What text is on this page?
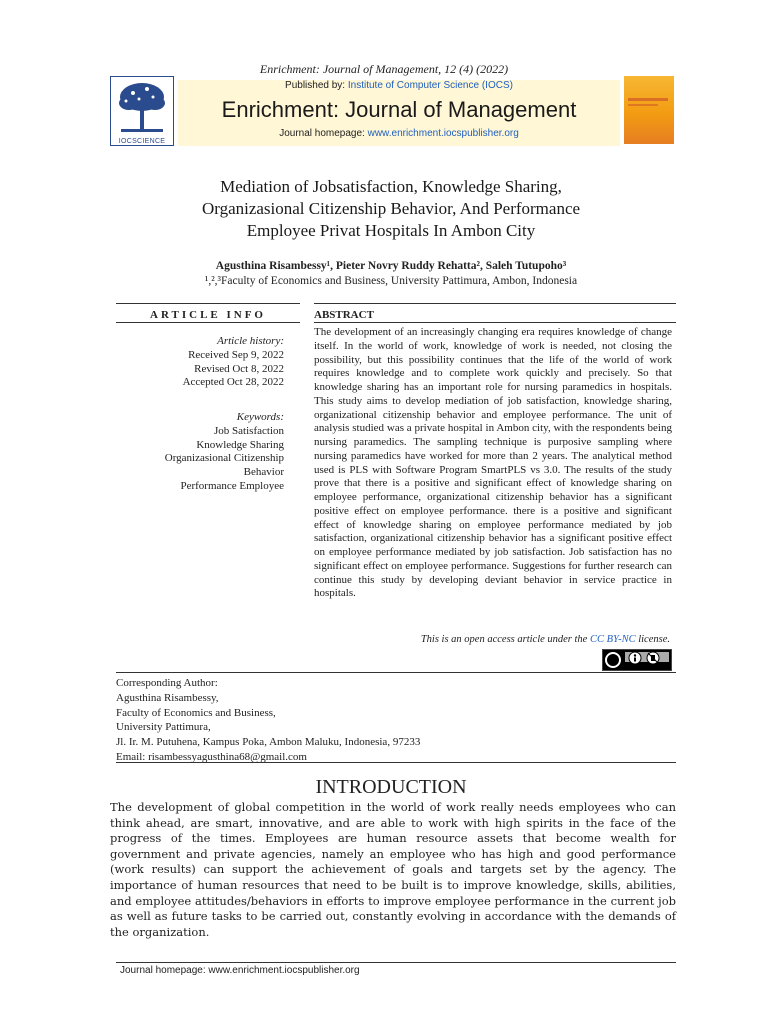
Enrichment: Journal of Management, 12 (4) (2022)
IOCSCIENCE
Published by: Institute of Computer Science (IOCS)
Enrichment: Journal of Management
Journal homepage: www.enrichment.iocspublisher.org
Mediation of Jobsatisfaction, Knowledge Sharing,
Organizasional Citizenship Behavior, And Performance
Employee Privat Hospitals In Ambon City
Agusthina Risambessy¹, Pieter Novry Ruddy Rehatta², Saleh Tutupoho³
¹,²,³Faculty of Economics and Business, University Pattimura, Ambon, Indonesia
ARTICLE INFO	ABSTRACT
Article history:
Received Sep 9, 2022
Revised Oct 8, 2022
Accepted Oct 28, 2022
Keywords:
Job Satisfaction
Knowledge Sharing
Organizasional Citizenship
Behavior
Performance Employee
The development of an increasingly changing era requires knowledge of change itself. In the world of work, knowledge of work is needed, not closing the possibility, but this possibility continues that the life of the world of work requires knowledge and to complete work quickly and precisely. So that knowledge sharing has an important role for nursing paramedics in hospitals. This study aims to develop mediation of job satisfaction, knowledge sharing, organizational citizenship behavior and employee performance. The unit of analysis studied was a private hospital in Ambon city, with the respondents being nursing paramedics. The sampling technique is purposive sampling where nursing paramedics have worked for more than 2 years. The analytical method used is PLS with Software Program SmartPLS vs 3.0. The results of the study prove that there is a positive and significant effect of knowledge sharing on employee performance, organizational citizenship behavior has a significant positive effect on employee performance. there is a positive and significant effect of knowledge sharing on employee performance mediated by job satisfaction, organizational citizenship behavior has a significant positive effect on employee performance mediated by job satisfaction. Job satisfaction has no significant effect on employee performance. Suggestions for further research can continue this study by developing deviant behavior in service practice in hospitals.
This is an open access article under the CC BY-NC license.
Corresponding Author:
Agusthina Risambessy,
Faculty of Economics and Business,
University Pattimura,
Jl. Ir. M. Putuhena, Kampus Poka, Ambon Maluku, Indonesia, 97233
Email: risambessyagusthina68@gmail.com
INTRODUCTION
The development of global competition in the world of work really needs employees who can think ahead, are smart, innovative, and are able to work with high spirits in the face of the progress of the times. Employees are human resource assets that become wealth for government and private agencies, namely an employee who has high and good performance (work results) can support the achievement of goals and targets set by the agency. The importance of human resources that need to be built is to improve knowledge, skills, abilities, and employee attitudes/behaviors in efforts to improve employee performance in the current job as well as future tasks to be carried out, constantly evolving in accordance with the demands of the organization.
Journal homepage: www.enrichment.iocspublisher.org
